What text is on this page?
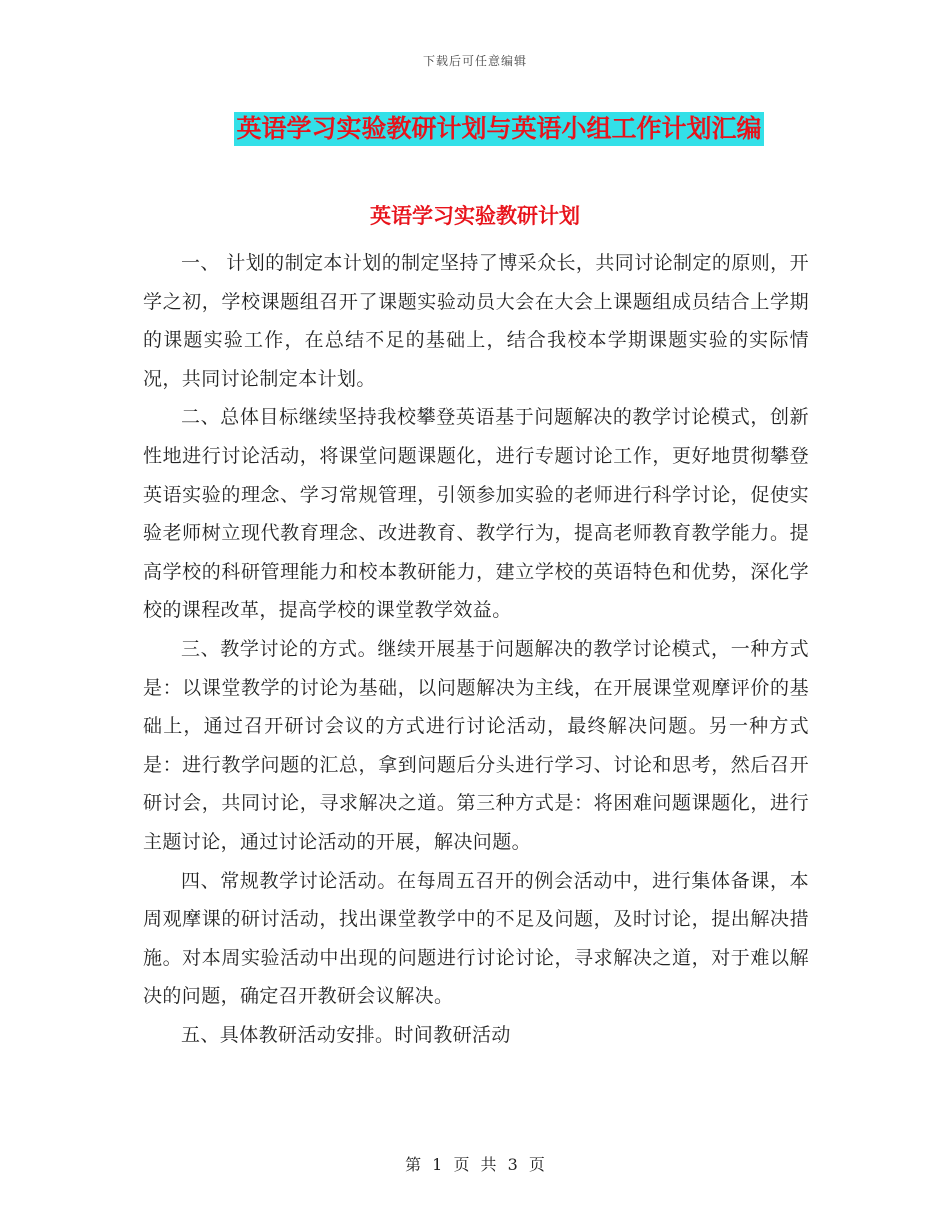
下载后可任意编辑
英语学习实验教研计划与英语小组工作计划汇编
英语学习实验教研计划

一、 计划的制定本计划的制定坚持了博采众长，共同讨论制定的原则，开学之初，学校课题组召开了课题实验动员大会在大会上课题组成员结合上学期的课题实验工作，在总结不足的基础上，结合我校本学期课题实验的实际情况，共同讨论制定本计划。

二、总体目标继续坚持我校攀登英语基于问题解决的教学讨论模式，创新性地进行讨论活动，将课堂问题课题化，进行专题讨论工作，更好地贯彻攀登英语实验的理念、学习常规管理，引领参加实验的老师进行科学讨论，促使实验老师树立现代教育理念、改进教育、教学行为，提高老师教育教学能力。提高学校的科研管理能力和校本教研能力，建立学校的英语特色和优势，深化学校的课程改革，提高学校的课堂教学效益。

三、教学讨论的方式。继续开展基于问题解决的教学讨论模式，一种方式是：以课堂教学的讨论为基础，以问题解决为主线，在开展课堂观摩评价的基础上，通过召开研讨会议的方式进行讨论活动，最终解决问题。另一种方式是：进行教学问题的汇总，拿到问题后分头进行学习、讨论和思考，然后召开研讨会，共同讨论，寻求解决之道。第三种方式是：将困难问题课题化，进行主题讨论，通过讨论活动的开展，解决问题。

四、常规教学讨论活动。在每周五召开的例会活动中，进行集体备课，本周观摩课的研讨活动，找出课堂教学中的不足及问题，及时讨论，提出解决措施。对本周实验活动中出现的问题进行讨论讨论，寻求解决之道，对于难以解决的问题，确定召开教研会议解决。

五、具体教研活动安排。时间教研活动

第 1 页 共 3 页
